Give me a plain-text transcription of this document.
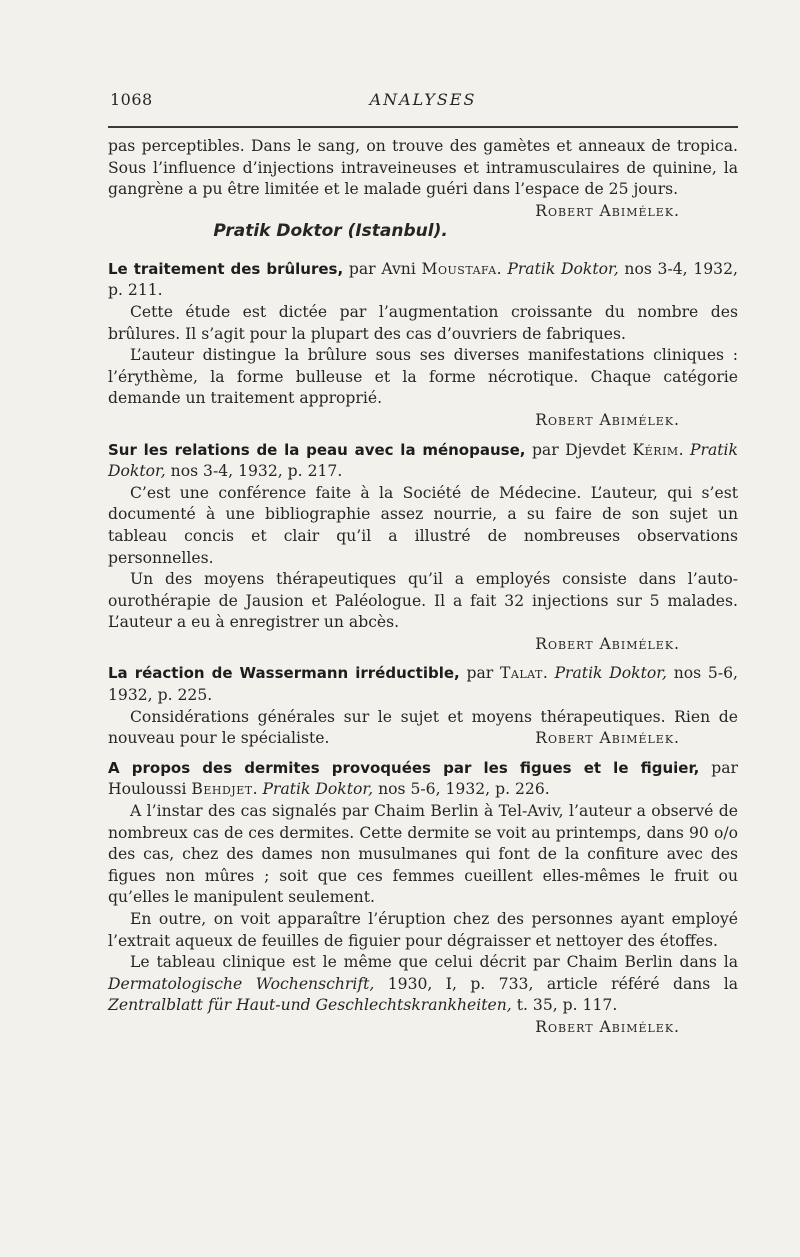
1068	ANALYSES

pas perceptibles. Dans le sang, on trouve des gamètes et anneaux de tropica. Sous l’influence d’injections intraveineuses et intramusculaires de quinine, la gangrène a pu être limitée et le malade guéri dans l’espace de 25 jours.
Robert Abimélek.

Pratik Doktor (Istanbul).

Le traitement des brûlures, par Avni Moustafa. Pratik Doktor, nos 3-4, 1932, p. 211.

Cette étude est dictée par l’augmentation croissante du nombre des brûlures. Il s’agit pour la plupart des cas d’ouvriers de fabriques.

L’auteur distingue la brûlure sous ses diverses manifestations cliniques : l’érythème, la forme bulleuse et la forme nécrotique. Chaque catégorie demande un traitement approprié.

Robert Abimélek.

Sur les relations de la peau avec la ménopause, par Djevdet Kérim. Pratik Doktor, nos 3-4, 1932, p. 217.

C’est une conférence faite à la Société de Médecine. L’auteur, qui s’est documenté à une bibliographie assez nourrie, a su faire de son sujet un tableau concis et clair qu’il a illustré de nombreuses observations personnelles.

Un des moyens thérapeutiques qu’il a employés consiste dans l’auto-ourothérapie de Jausion et Paléologue. Il a fait 32 injections sur 5 malades. L’auteur a eu à enregistrer un abcès.

Robert Abimélek.

La réaction de Wassermann irréductible, par Talat. Pratik Doktor, nos 5-6, 1932, p. 225.

Considérations générales sur le sujet et moyens thérapeutiques. Rien de nouveau pour le spécialiste.	Robert Abimélek.

A propos des dermites provoquées par les figues et le figuier, par Houloussi Behdjet. Pratik Doktor, nos 5-6, 1932, p. 226.

A l’instar des cas signalés par Chaim Berlin à Tel-Aviv, l’auteur a observé de nombreux cas de ces dermites. Cette dermite se voit au printemps, dans 90 o/o des cas, chez des dames non musulmanes qui font de la confiture avec des figues non mûres ; soit que ces femmes cueillent elles-mêmes le fruit ou qu’elles le manipulent seulement.

En outre, on voit apparaître l’éruption chez des personnes ayant employé l’extrait aqueux de feuilles de figuier pour dégraisser et nettoyer des étoffes.

Le tableau clinique est le même que celui décrit par Chaim Berlin dans la Dermatologische Wochenschrift, 1930, I, p. 733, article référé dans la Zentralblatt für Haut-und Geschlechtskrankheiten, t. 35, p. 117.

Robert Abimélek.
